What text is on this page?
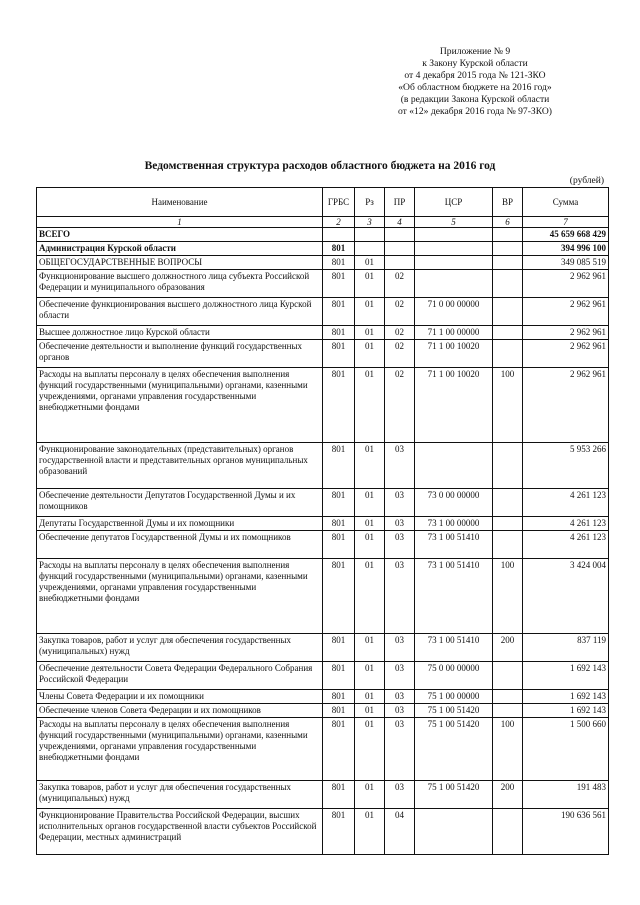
Приложение № 9
к Закону Курской области
от 4 декабря 2015 года № 121-ЗКО
«Об областном бюджете на 2016 год»
(в редакции Закона Курской области
от «12» декабря 2016 года № 97-ЗКО)
Ведомственная структура расходов областного бюджета на 2016 год
(рублей)
Наименование	ГРБС	Рз	ПР	ЦСР	ВР	Сумма
1	2	3	4	5	6	7
ВСЕГО						45 659 668 429
Администрация Курской области	801					394 996 100
ОБЩЕГОСУДАРСТВЕННЫЕ ВОПРОСЫ	801	01				349 085 519
Функционирование высшего должностного лица субъекта Российской Федерации и муниципального образования	801	01	02			2 962 961
Обеспечение функционирования высшего должностного лица Курской области	801	01	02	71 0 00 00000		2 962 961
Высшее должностное лицо Курской области	801	01	02	71 1 00 00000		2 962 961
Обеспечение деятельности и выполнение функций государственных органов	801	01	02	71 1 00 10020		2 962 961
Расходы на выплаты персоналу в целях обеспечения выполнения функций государственными (муниципальными) органами, казенными учреждениями, органами управления государственными внебюджетными фондами	801	01	02	71 1 00 10020	100	2 962 961
Функционирование законодательных (представительных) органов государственной власти и представительных органов муниципальных образований	801	01	03			5 953 266
Обеспечение деятельности Депутатов Государственной Думы и их помощников	801	01	03	73 0 00 00000		4 261 123
Депутаты Государственной Думы и их помощники	801	01	03	73 1 00 00000		4 261 123
Обеспечение депутатов Государственной Думы и их помощников	801	01	03	73 1 00 51410		4 261 123
Расходы на выплаты персоналу в целях обеспечения выполнения функций государственными (муниципальными) органами, казенными учреждениями, органами управления государственными внебюджетными фондами	801	01	03	73 1 00 51410	100	3 424 004
Закупка товаров, работ и услуг для обеспечения государственных (муниципальных) нужд	801	01	03	73 1 00 51410	200	837 119
Обеспечение деятельности Совета Федерации Федерального Собрания Российской Федерации	801	01	03	75 0 00 00000		1 692 143
Члены Совета Федерации и их помощники	801	01	03	75 1 00 00000		1 692 143
Обеспечение членов Совета Федерации и их помощников	801	01	03	75 1 00 51420		1 692 143
Расходы на выплаты персоналу в целях обеспечения выполнения функций государственными (муниципальными) органами, казенными учреждениями, органами управления государственными внебюджетными фондами	801	01	03	75 1 00 51420	100	1 500 660
Закупка товаров, работ и услуг для обеспечения государственных (муниципальных) нужд	801	01	03	75 1 00 51420	200	191 483
Функционирование Правительства Российской Федерации, высших исполнительных органов государственной власти субъектов Российской Федерации, местных администраций	801	01	04			190 636 561
